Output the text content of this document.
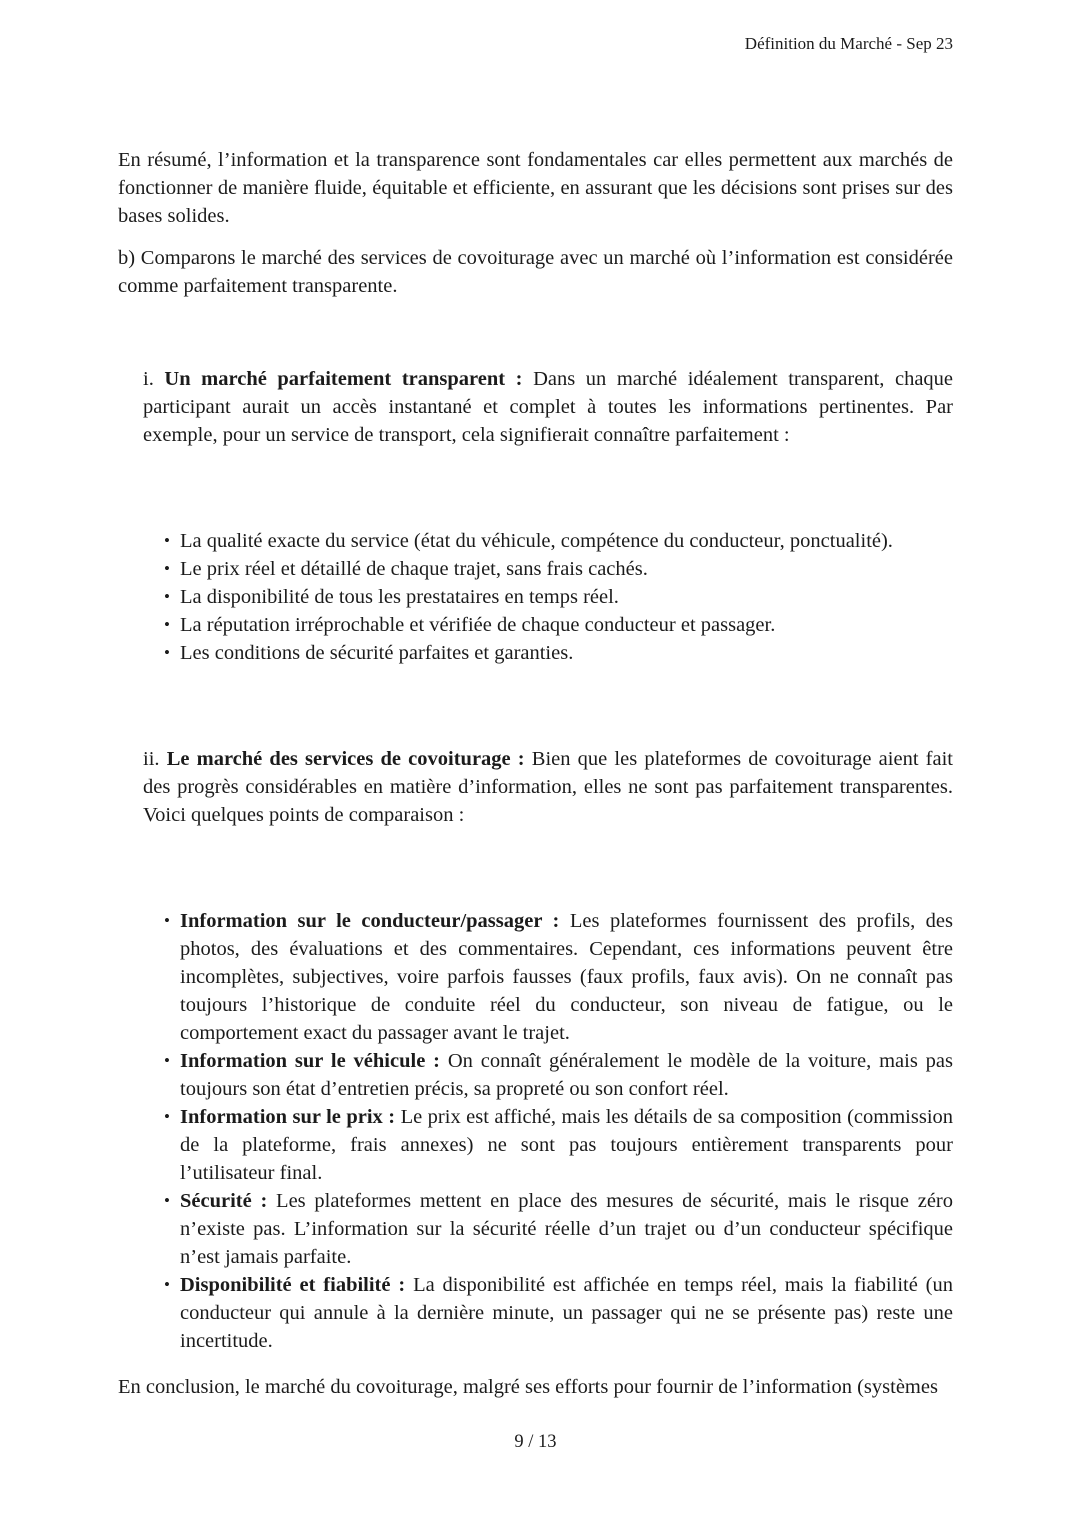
Définition du Marché - Sep 23

En résumé, l’information et la transparence sont fondamentales car elles permettent aux marchés de fonctionner de manière fluide, équitable et efficiente, en assurant que les décisions sont prises sur des bases solides.

b) Comparons le marché des services de covoiturage avec un marché où l’information est considérée comme parfaitement transparente.

i. Un marché parfaitement transparent : Dans un marché idéalement transparent, chaque participant aurait un accès instantané et complet à toutes les informations pertinentes. Par exemple, pour un service de transport, cela signifierait connaître parfaitement :
• La qualité exacte du service (état du véhicule, compétence du conducteur, ponctualité).
• Le prix réel et détaillé de chaque trajet, sans frais cachés.
• La disponibilité de tous les prestataires en temps réel.
• La réputation irréprochable et vérifiée de chaque conducteur et passager.
• Les conditions de sécurité parfaites et garanties.
ii. Le marché des services de covoiturage : Bien que les plateformes de covoiturage aient fait des progrès considérables en matière d’information, elles ne sont pas parfaitement transparentes. Voici quelques points de comparaison :
• Information sur le conducteur/passager : Les plateformes fournissent des profils, des photos, des évaluations et des commentaires. Cependant, ces informations peuvent être incomplètes, subjectives, voire parfois fausses (faux profils, faux avis). On ne connaît pas toujours l’historique de conduite réel du conducteur, son niveau de fatigue, ou le comportement exact du passager avant le trajet.
• Information sur le véhicule : On connaît généralement le modèle de la voiture, mais pas toujours son état d’entretien précis, sa propreté ou son confort réel.
• Information sur le prix : Le prix est affiché, mais les détails de sa composition (commission de la plateforme, frais annexes) ne sont pas toujours entièrement transparents pour l’utilisateur final.
• Sécurité : Les plateformes mettent en place des mesures de sécurité, mais le risque zéro n’existe pas. L’information sur la sécurité réelle d’un trajet ou d’un conducteur spécifique n’est jamais parfaite.
• Disponibilité et fiabilité : La disponibilité est affichée en temps réel, mais la fiabilité (un conducteur qui annule à la dernière minute, un passager qui ne se présente pas) reste une incertitude.

En conclusion, le marché du covoiturage, malgré ses efforts pour fournir de l’information (systèmes

9 / 13
